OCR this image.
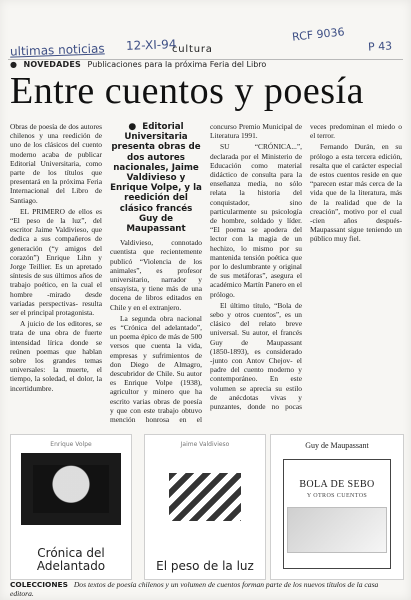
ultimas noticias 12-XI-94
RCF 9036
P 43
cultura
● NOVEDADES Publicaciones para la próxima Feria del Libro
Entre cuentos y poesía

Obras de poesía de dos autores chilenos y una reedición de uno de los clásicos del cuento moderno acaba de publicar Editorial Universitaria, como parte de los títulos que presentará en la próxima Feria Internacional del Libro de Santiago.

EL PRIMERO de ellos es “El peso de la luz”, del escritor Jaime Valdivieso, que dedica a sus compañeros de generación (“y amigos del corazón”) Enrique Lihn y Jorge Teillier. Es un apretado síntesis de sus últimos años de trabajo poético, en la cual el hombre ‑mirado desde variadas perspectivas‑ resulta ser el principal protagonista.

A juicio de los editores, se trata de una obra de fuerte intensidad lírica donde se reúnen poemas que hablan sobre los grandes temas universales: la muerte, el tiempo, la soledad, el dolor, la incertidumbre.

● Editorial Universitaria presenta obras de dos autores nacionales, Jaime Valdivieso y Enrique Volpe, y la reedición del clásico francés Guy de Maupassant

Valdivieso, connotado cuentista que recientemente publicó “Violencia de los animales”, es profesor universitario, narrador y ensayista, y tiene más de una docena de libros editados en Chile y en el extranjero.

La segunda obra nacional es “Crónica del adelantado”, un poema épico de más de 500 versos que cuenta la vida, empresas y sufrimientos de don Diego de Almagro, descubridor de Chile. Su autor es Enrique Volpe (1938), agricultor y minero que ha escrito varias obras de poesía y que con este trabajo obtuvo mención honrosa en el concurso Premio Municipal de Literatura 1991.

SU “CRÓNICA...”, declarada por el Ministerio de Educación como material didáctico de consulta para la enseñanza media, no sólo relata la historia del conquistador, sino particularmente su psicología de hombre, soldado y líder. “El poema se apodera del lector con la magia de un hechizo, lo mismo por su mantenida tensión poética que por lo deslumbrante y original de sus metáforas”, asegura el académico Martín Panero en el prólogo.

El último título, “Bola de sebo y otros cuentos”, es un clásico del relato breve universal. Su autor, el francés Guy de Maupassant (1850‑1893), es considerado ‑junto con Antov Chejov‑ el padre del cuento moderno y contemporáneo. En este volumen se aprecia su estilo de anécdotas vivas y punzantes, donde no pocas veces predominan el miedo o el terror.

Fernando Durán, en su prólogo a esta tercera edición, resalta que el carácter especial de estos cuentos reside en que “parecen estar más cerca de la vida que de la literatura, más de la realidad que de la creación”, motivo por el cual ‑cien años después‑ Maupassant sigue teniendo un público muy fiel.

Enrique Volpe
Crónica del Adelantado
Jaime Valdivieso
El peso de la luz
Guy de Maupassant
BOLA DE SEBO
Y OTROS CUENTOS
COLECCIONES Dos textos de poesía chilenos y un volumen de cuentos forman parte de los nuevos títulos de la casa editora.
